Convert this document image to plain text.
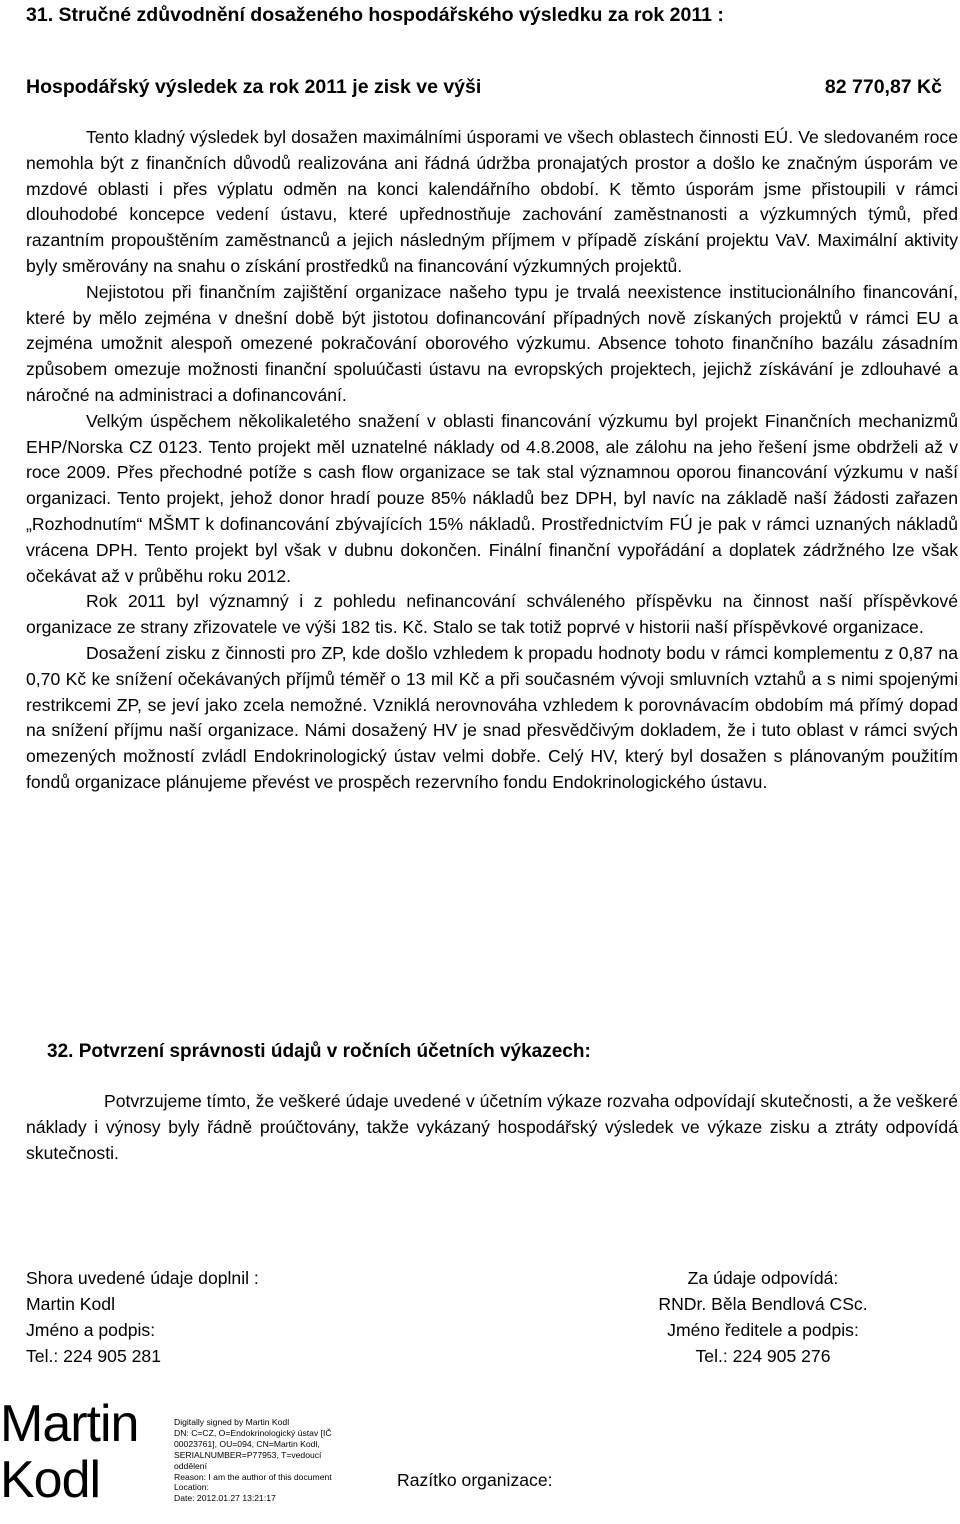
31. Stručné zdůvodnění dosaženého hospodářského výsledku za rok 2011 :
Hospodářský výsledek za rok 2011 je zisk ve výši	82 770,87 Kč

Tento kladný výsledek byl dosažen maximálními úsporami ve všech oblastech činnosti EÚ. Ve sledovaném roce nemohla být z finančních důvodů realizována ani řádná údržba pronajatých prostor a došlo ke značným úsporám ve mzdové oblasti i přes výplatu odměn na konci kalendářního období. K těmto úsporám jsme přistoupili v rámci dlouhodobé koncepce vedení ústavu, které upřednostňuje zachování zaměstnanosti a výzkumných týmů, před razantním propouštěním zaměstnanců a jejich následným příjmem v případě získání projektu VaV. Maximální aktivity byly směrovány na snahu o získání prostředků na financování výzkumných projektů.

Nejistotou při finančním zajištění organizace našeho typu je trvalá neexistence institucionálního financování, které by mělo zejména v dnešní době být jistotou dofinancování případných nově získaných projektů v rámci EU a zejména umožnit alespoň omezené pokračování oborového výzkumu. Absence tohoto finančního bazálu zásadním způsobem omezuje možnosti finanční spoluúčasti ústavu na evropských projektech, jejichž získávání je zdlouhavé a náročné na administraci a dofinancování.

Velkým úspěchem několikaletého snažení v oblasti financování výzkumu byl projekt Finančních mechanizmů EHP/Norska CZ 0123. Tento projekt měl uznatelné náklady od 4.8.2008, ale zálohu na jeho řešení jsme obdrželi až v roce 2009. Přes přechodné potíže s cash flow organizace se tak stal významnou oporou financování výzkumu v naší organizaci. Tento projekt, jehož donor hradí pouze 85% nákladů bez DPH, byl navíc na základě naší žádosti zařazen „Rozhodnutím“ MŠMT k dofinancování zbývajících 15% nákladů. Prostřednictvím FÚ je pak v rámci uznaných nákladů vrácena DPH. Tento projekt byl však v dubnu dokončen. Finální finanční vypořádání a doplatek zádržného lze však očekávat až v průběhu roku 2012.

Rok 2011 byl významný i z pohledu nefinancování schváleného příspěvku na činnost naší příspěvkové organizace ze strany zřizovatele ve výši 182 tis. Kč. Stalo se tak totiž poprvé v historii naší příspěvkové organizace.

Dosažení zisku z činnosti pro ZP, kde došlo vzhledem k propadu hodnoty bodu v rámci komplementu z 0,87 na 0,70 Kč ke snížení očekávaných příjmů téměř o 13 mil Kč a při současném vývoji smluvních vztahů a s nimi spojenými restrikcemi ZP, se jeví jako zcela nemožné. Vzniklá nerovnováha vzhledem k porovnávacím obdobím má přímý dopad na snížení příjmu naší organizace. Námi dosažený HV je snad přesvědčivým dokladem, že i tuto oblast v rámci svých omezených možností zvládl Endokrinologický ústav velmi dobře. Celý HV, který byl dosažen s plánovaným použitím fondů organizace plánujeme převést ve prospěch rezervního fondu Endokrinologického ústavu.

32. Potvrzení správnosti údajů v ročních účetních výkazech:

Potvrzujeme tímto, že veškeré údaje uvedené v účetním výkaze rozvaha odpovídají skutečnosti, a že veškeré náklady i výnosy byly řádně proúčtovány, takže vykázaný hospodářský výsledek ve výkaze zisku a ztráty odpovídá skutečnosti.

Shora uvedené údaje doplnil :
Martin Kodl
Jméno a podpis:
Tel.: 224 905 281
Za údaje odpovídá:
RNDr. Běla Bendlová CSc.
Jméno ředitele a podpis:
Tel.: 224 905 276
Martin Kodl
Digitally signed by Martin Kodl
DN: C=CZ, O=Endokrinologický ústav [IČ
00023761], OU=094, CN=Martin Kodl,
SERIALNUMBER=P77953, T=vedoucí
oddělení
Reason: I am the author of this document
Location:
Date: 2012.01.27 13:21:17
Razítko organizace:
